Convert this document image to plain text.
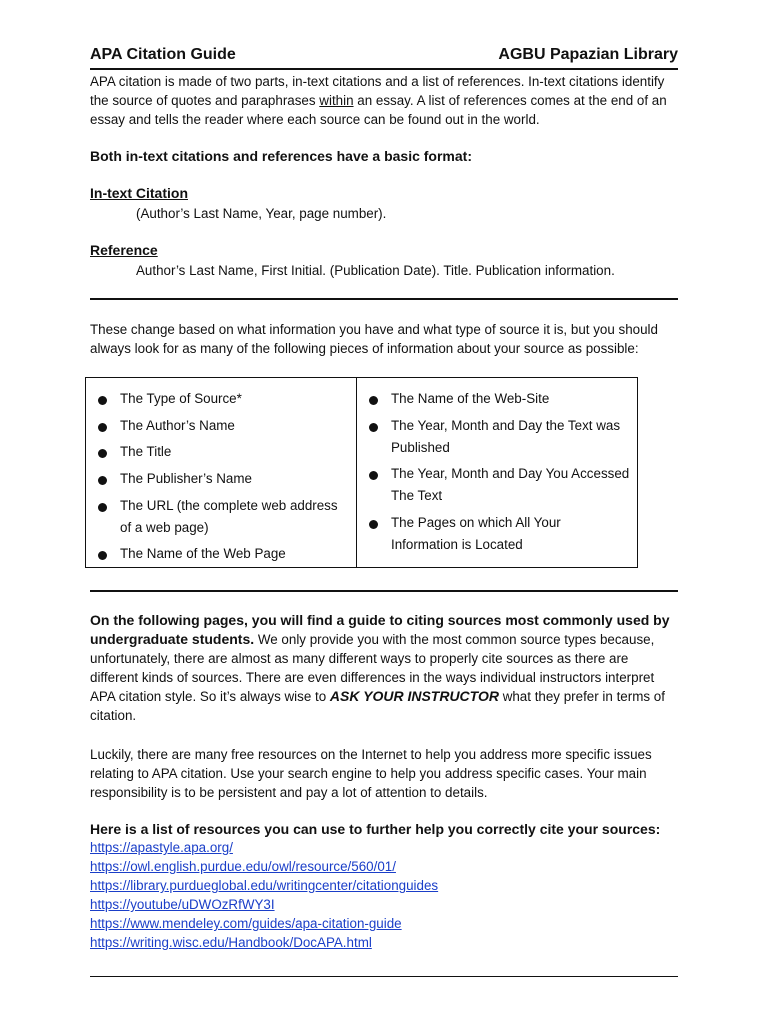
APA Citation Guide	AGBU Papazian Library

APA citation is made of two parts, in-text citations and a list of references. In-text citations identify the source of quotes and paraphrases within an essay. A list of references comes at the end of an essay and tells the reader where each source can be found out in the world.

Both in-text citations and references have a basic format:
In-text Citation
(Author’s Last Name, Year, page number).
Reference
Author’s Last Name, First Initial. (Publication Date). Title. Publication information.

These change based on what information you have and what type of source it is, but you should always look for as many of the following pieces of information about your source as possible:

The Type of Source*
The Author’s Name
The Title
The Publisher’s Name
The URL (the complete web address of a web page)
The Name of the Web Page
The Name of the Web-Site
The Year, Month and Day the Text was Published
The Year, Month and Day You Accessed The Text
The Pages on which All Your Information is Located

On the following pages, you will find a guide to citing sources most commonly used by undergraduate students. We only provide you with the most common source types because, unfortunately, there are almost as many different ways to properly cite sources as there are different kinds of sources. There are even differences in the ways individual instructors interpret APA citation style. So it’s always wise to ASK YOUR INSTRUCTOR what they prefer in terms of citation.

Luckily, there are many free resources on the Internet to help you address more specific issues relating to APA citation. Use your search engine to help you address specific cases. Your main responsibility is to be persistent and pay a lot of attention to details.

Here is a list of resources you can use to further help you correctly cite your sources:
https://apastyle.apa.org/
https://owl.english.purdue.edu/owl/resource/560/01/
https://library.purdueglobal.edu/writingcenter/citationguides
https://youtube/uDWOzRfWY3I
https://www.mendeley.com/guides/apa-citation-guide
https://writing.wisc.edu/Handbook/DocAPA.html
